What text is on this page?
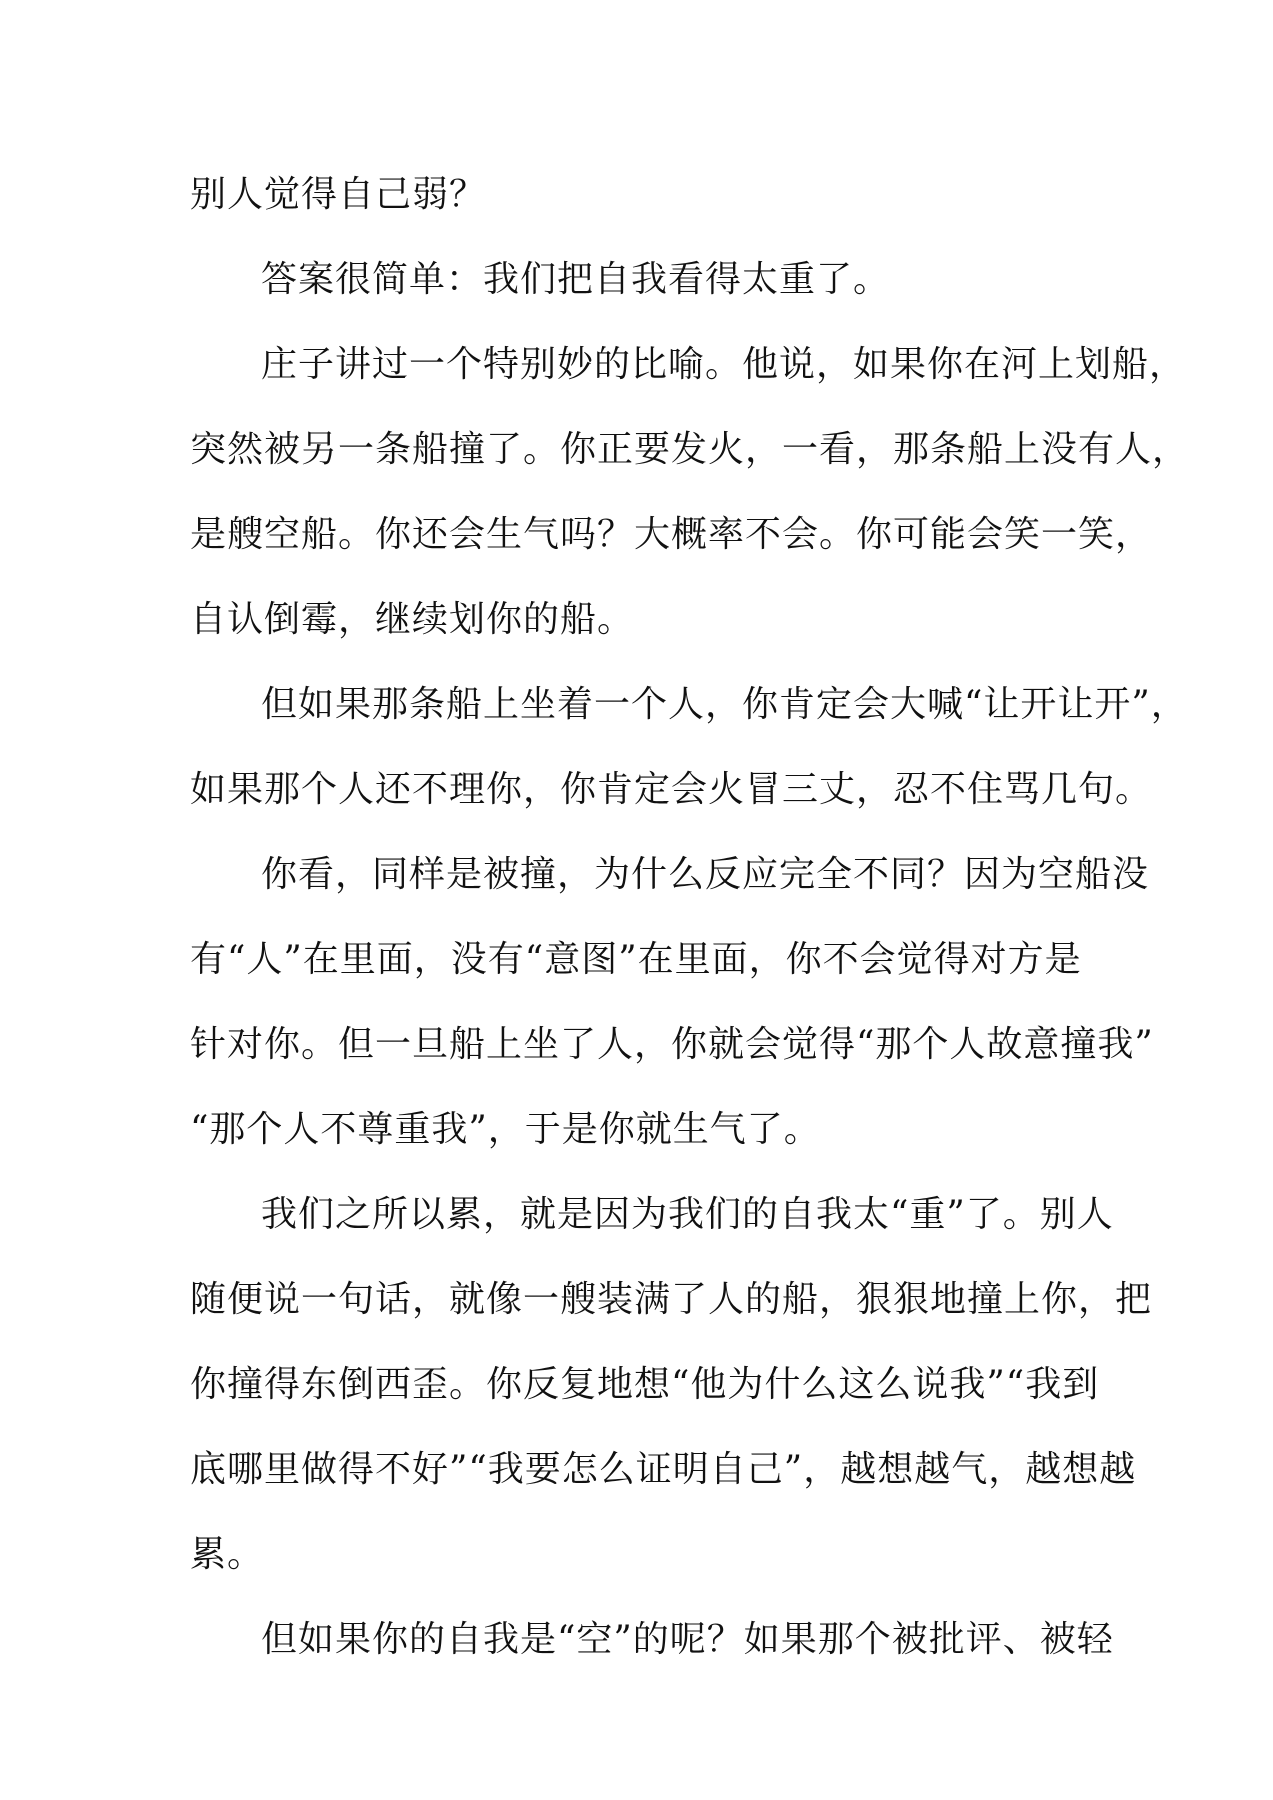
别人觉得自己弱？
答案很简单：我们把自我看得太重了。
庄子讲过一个特别妙的比喻。他说，如果你在河上划船，
突然被另一条船撞了。你正要发火，一看，那条船上没有人，
是艘空船。你还会生气吗？大概率不会。你可能会笑一笑，
自认倒霉，继续划你的船。
但如果那条船上坐着一个人，你肯定会大喊“让开让开”，
如果那个人还不理你，你肯定会火冒三丈，忍不住骂几句。
你看，同样是被撞，为什么反应完全不同？因为空船没
有“人”在里面，没有“意图”在里面，你不会觉得对方是
针对你。但一旦船上坐了人，你就会觉得“那个人故意撞我”
“那个人不尊重我”，于是你就生气了。
我们之所以累，就是因为我们的自我太“重”了。别人
随便说一句话，就像一艘装满了人的船，狠狠地撞上你，把
你撞得东倒西歪。你反复地想“他为什么这么说我”“我到
底哪里做得不好”“我要怎么证明自己”，越想越气，越想越
累。
但如果你的自我是“空”的呢？如果那个被批评、被轻
